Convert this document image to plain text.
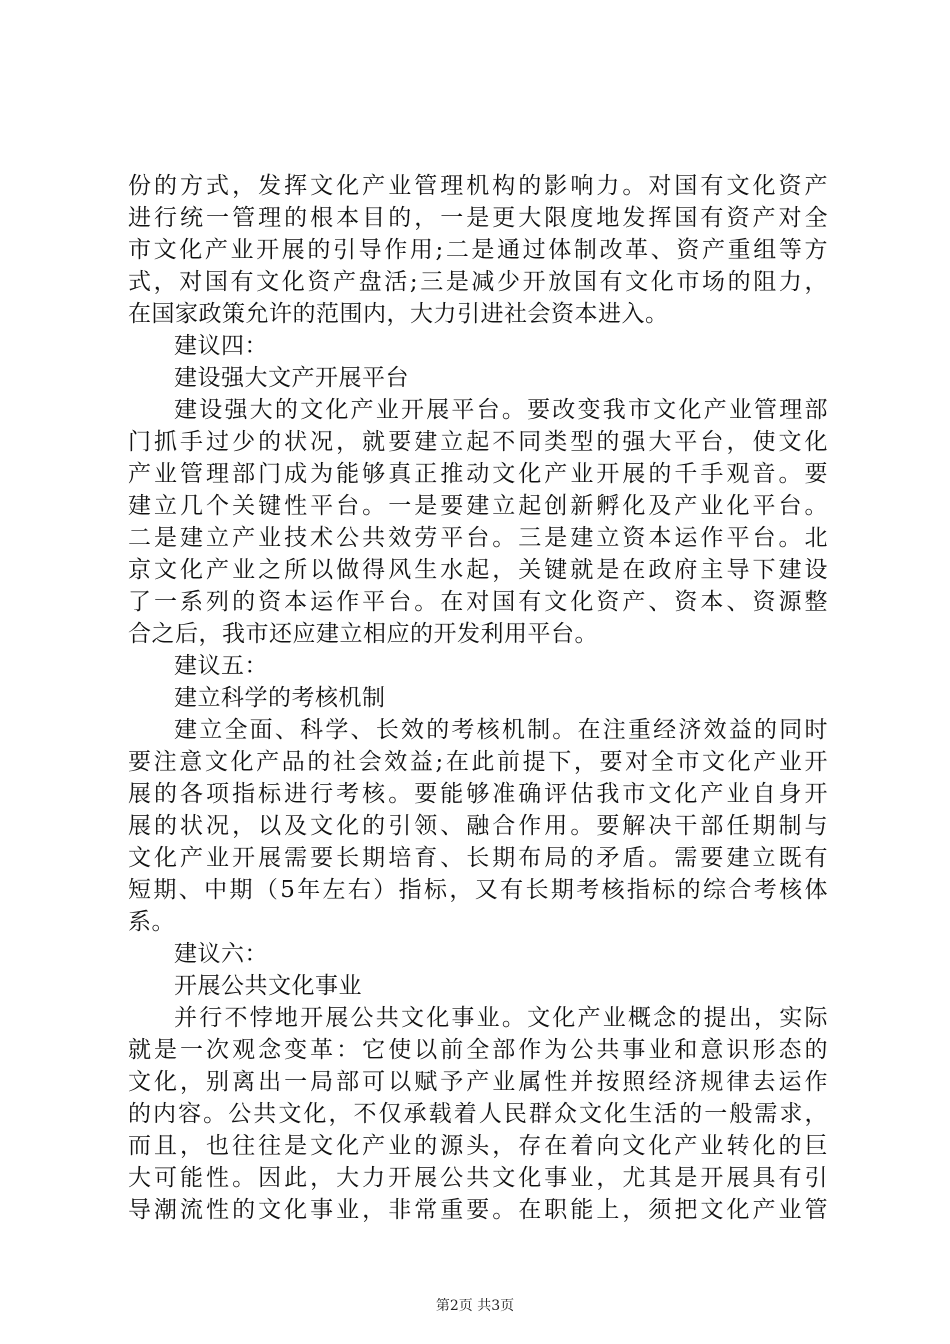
份的方式，发挥文化产业管理机构的影响力。对国有文化资产
进行统一管理的根本目的，一是更大限度地发挥国有资产对全
市文化产业开展的引导作用;二是通过体制改革、资产重组等方
式，对国有文化资产盘活;三是减少开放国有文化市场的阻力，
在国家政策允许的范围内，大力引进社会资本进入。
建议四：
建设强大文产开展平台
建设强大的文化产业开展平台。要改变我市文化产业管理部
门抓手过少的状况，就要建立起不同类型的强大平台，使文化
产业管理部门成为能够真正推动文化产业开展的千手观音。要
建立几个关键性平台。一是要建立起创新孵化及产业化平台。
二是建立产业技术公共效劳平台。三是建立资本运作平台。北
京文化产业之所以做得风生水起，关键就是在政府主导下建设
了一系列的资本运作平台。在对国有文化资产、资本、资源整
合之后，我市还应建立相应的开发利用平台。
建议五：
建立科学的考核机制
建立全面、科学、长效的考核机制。在注重经济效益的同时
要注意文化产品的社会效益;在此前提下，要对全市文化产业开
展的各项指标进行考核。要能够准确评估我市文化产业自身开
展的状况，以及文化的引领、融合作用。要解决干部任期制与
文化产业开展需要长期培育、长期布局的矛盾。需要建立既有
短期、中期（5年左右）指标，又有长期考核指标的综合考核体
系。
建议六：
开展公共文化事业
并行不悖地开展公共文化事业。文化产业概念的提出，实际
就是一次观念变革：它使以前全部作为公共事业和意识形态的
文化，别离出一局部可以赋予产业属性并按照经济规律去运作
的内容。公共文化，不仅承载着人民群众文化生活的一般需求，
而且，也往往是文化产业的源头，存在着向文化产业转化的巨
大可能性。因此，大力开展公共文化事业，尤其是开展具有引
导潮流性的文化事业，非常重要。在职能上，须把文化产业管
第2页 共3页
